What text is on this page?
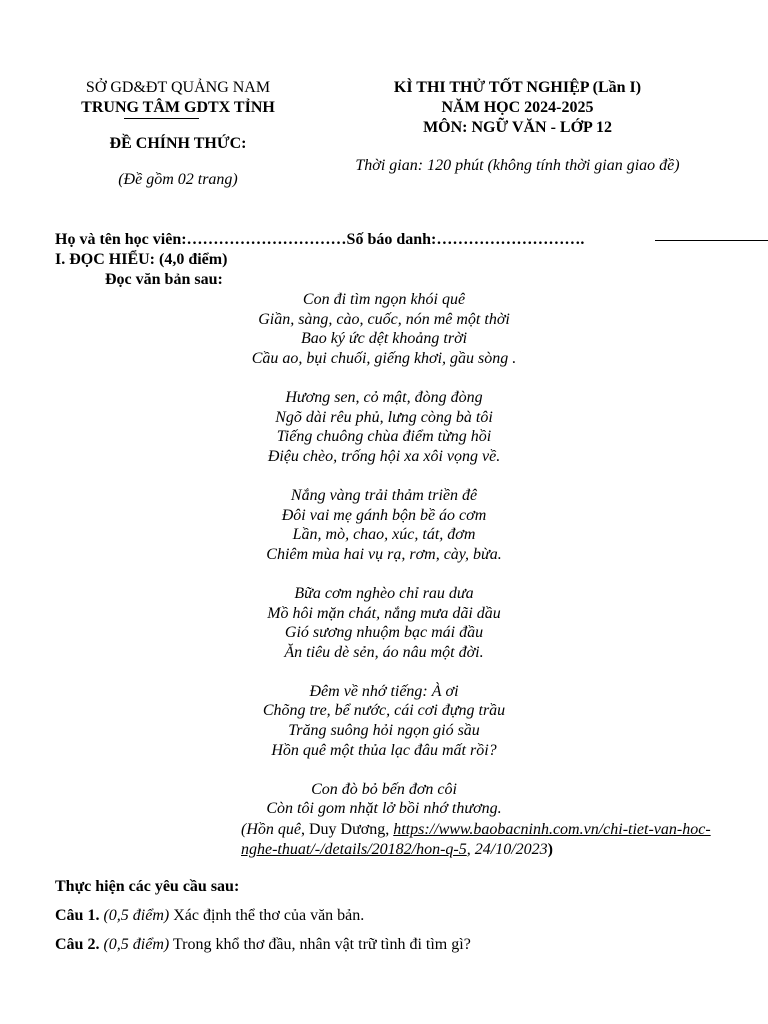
SỞ GD&ĐT QUẢNG NAM
TRUNG TÂM GDTX TỈNH
ĐỀ CHÍNH THỨC:
(Đề gồm 02 trang)
KÌ THI THỬ TỐT NGHIỆP (Lần I)
NĂM HỌC 2024-2025
MÔN: NGỮ VĂN - LỚP 12
Thời gian: 120 phút (không tính thời gian giao đề)
Họ và tên học viên:…………………………Số báo danh:……………………….
I. ĐỌC HIỂU: (4,0 điểm)
Đọc văn bản sau:
Con đi tìm ngọn khói quê
Giần, sàng, cào, cuốc, nón mê một thời
Bao ký ức dệt khoảng trời
Cầu ao, bụi chuối, giếng khơi, gầu sòng .
Hương sen, cỏ mật, đòng đòng
Ngõ dài rêu phủ, lưng còng bà tôi
Tiếng chuông chùa điểm từng hồi
Điệu chèo, trống hội xa xôi vọng về.
Nắng vàng trải thảm triền đê
Đôi vai mẹ gánh bộn bề áo cơm
Lần, mò, chao, xúc, tát, đơm
Chiêm mùa hai vụ rạ, rơm, cày, bừa.
Bữa cơm nghèo chỉ rau dưa
Mồ hôi mặn chát, nắng mưa dãi dầu
Gió sương nhuộm bạc mái đầu
Ăn tiêu dè sẻn, áo nâu một đời.
Đêm về nhớ tiếng: À ơi
Chõng tre, bể nước, cái cơi đựng trầu
Trăng suông hỏi ngọn gió sầu
Hồn quê một thủa lạc đâu mất rồi?
Con đò bỏ bến đơn côi
Còn tôi gom nhặt lở bồi nhớ thương.
(Hồn quê, Duy Dương, https://www.baobacninh.com.vn/chi-tiet-van-hoc-nghe-thuat/-/details/20182/hon-q-5, 24/10/2023)
Thực hiện các yêu cầu sau:
Câu 1. (0,5 điểm) Xác định thể thơ của văn bản.
Câu 2. (0,5 điểm) Trong khổ thơ đầu, nhân vật trữ tình đi tìm gì?
